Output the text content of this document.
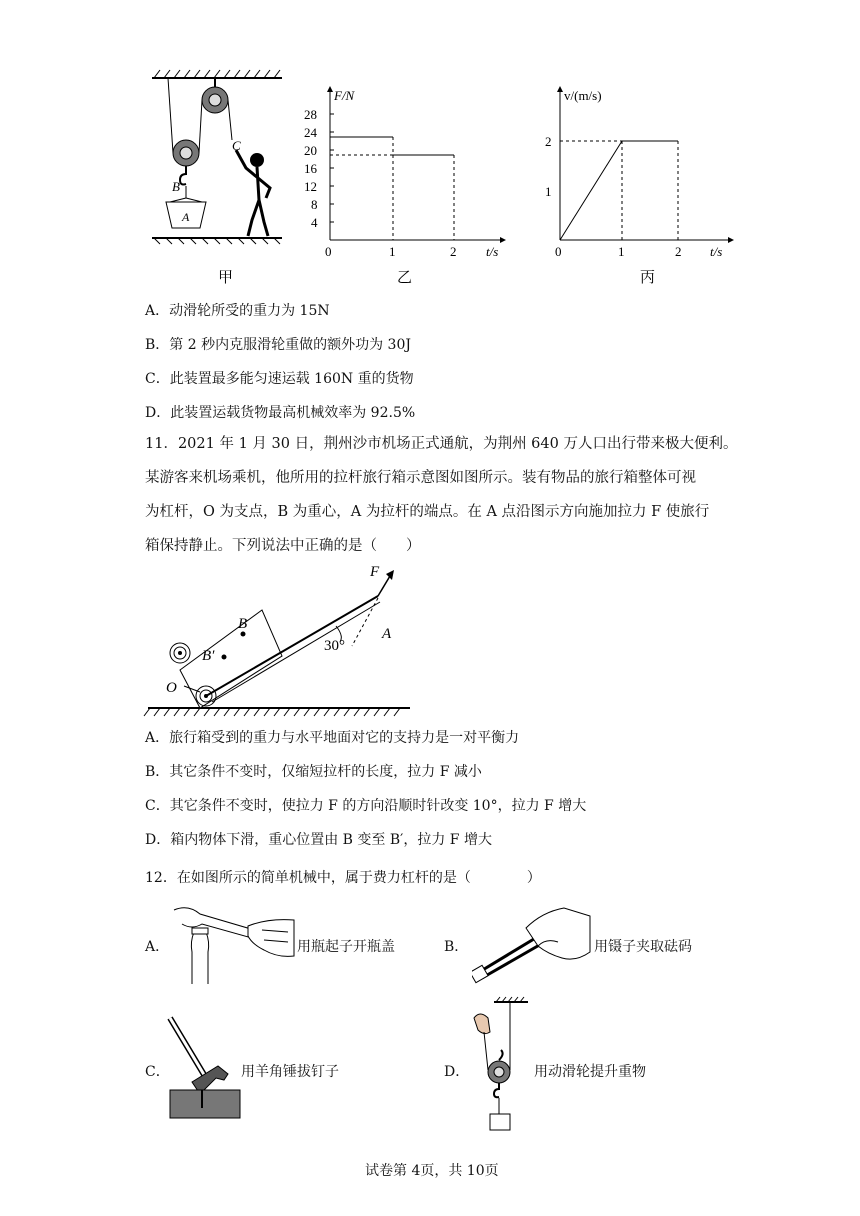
C
B
A
甲
28
24
20
16
12
8
4
F/N
0	1	2 t/s
乙
v/(m/s)
2
1
0	1	2 t/s
丙
A．动滑轮所受的重力为 15N
B．第 2 秒内克服滑轮重做的额外功为 30J
C．此装置最多能匀速运载 160N 重的货物
D．此装置运载货物最高机械效率为 92.5%
11．2021 年 1 月 30 日，荆州沙市机场正式通航，为荆州 640 万人口出行带来极大便利。
某游客来机场乘机，他所用的拉杆旅行箱示意图如图所示。装有物品的旅行箱整体可视
为杠杆，O 为支点，B 为重心，A 为拉杆的端点。在 A 点沿图示方向施加拉力 F 使旅行
箱保持静止。下列说法中正确的是（　　）
F
A
30°
B
B′
O
A．旅行箱受到的重力与水平地面对它的支持力是一对平衡力
B．其它条件不变时，仅缩短拉杆的长度，拉力 F 减小
C．其它条件不变时，使拉力 F 的方向沿顺时针改变 10°，拉力 F 增大
D．箱内物体下滑，重心位置由 B 变至 B′，拉力 F 增大
12．在如图所示的简单机械中，属于费力杠杆的是（　　　　）
A．	用瓶起子开瓶盖	B．	用镊子夹取砝码
C．	用羊角锤拔钉子	D．	用动滑轮提升重物
试卷第 4页，共 10页
